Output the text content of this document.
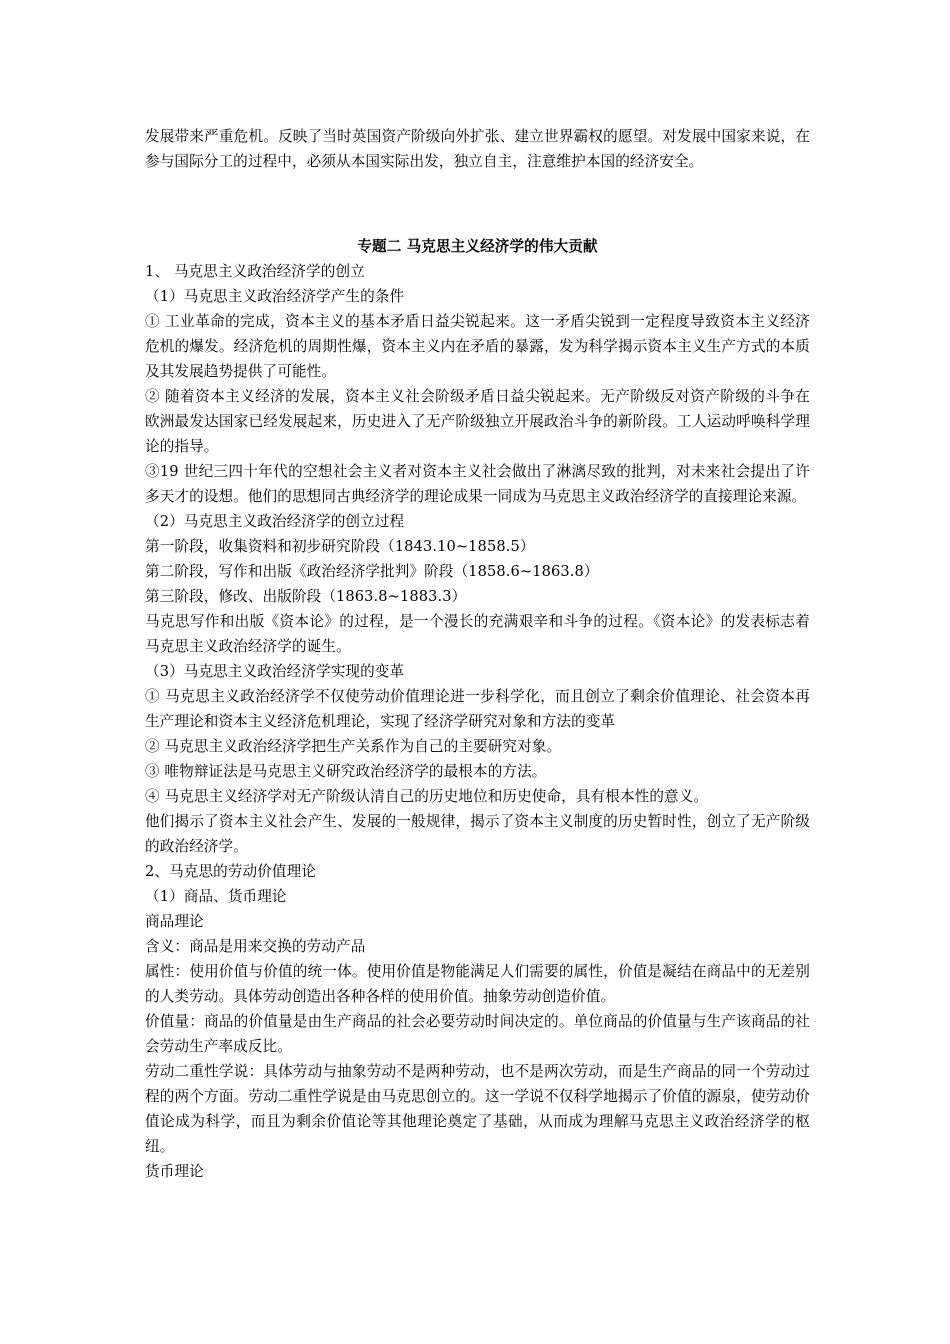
发展带来严重危机。反映了当时英国资产阶级向外扩张、建立世界霸权的愿望。对发展中国家来说，在参与国际分工的过程中，必须从本国实际出发，独立自主，注意维护本国的经济安全。

专题二 马克思主义经济学的伟大贡献

1、 马克思主义政治经济学的创立

（1）马克思主义政治经济学产生的条件

① 工业革命的完成，资本主义的基本矛盾日益尖锐起来。这一矛盾尖锐到一定程度导致资本主义经济危机的爆发。经济危机的周期性爆，资本主义内在矛盾的暴露，发为科学揭示资本主义生产方式的本质及其发展趋势提供了可能性。

② 随着资本主义经济的发展，资本主义社会阶级矛盾日益尖锐起来。无产阶级反对资产阶级的斗争在欧洲最发达国家已经发展起来，历史进入了无产阶级独立开展政治斗争的新阶段。工人运动呼唤科学理论的指导。

③19 世纪三四十年代的空想社会主义者对资本主义社会做出了淋漓尽致的批判，对未来社会提出了许多天才的设想。他们的思想同古典经济学的理论成果一同成为马克思主义政治经济学的直接理论来源。

（2）马克思主义政治经济学的创立过程

第一阶段，收集资料和初步研究阶段（1843.10~1858.5）

第二阶段，写作和出版《政治经济学批判》阶段（1858.6~1863.8）

第三阶段，修改、出版阶段（1863.8~1883.3）

马克思写作和出版《资本论》的过程，是一个漫长的充满艰辛和斗争的过程。《资本论》的发表标志着马克思主义政治经济学的诞生。

（3）马克思主义政治经济学实现的变革

① 马克思主义政治经济学不仅使劳动价值理论进一步科学化，而且创立了剩余价值理论、社会资本再生产理论和资本主义经济危机理论，实现了经济学研究对象和方法的变革

② 马克思主义政治经济学把生产关系作为自己的主要研究对象。

③ 唯物辩证法是马克思主义研究政治经济学的最根本的方法。

④ 马克思主义经济学对无产阶级认清自己的历史地位和历史使命，具有根本性的意义。

他们揭示了资本主义社会产生、发展的一般规律，揭示了资本主义制度的历史暂时性，创立了无产阶级的政治经济学。

2、马克思的劳动价值理论

（1）商品、货币理论

商品理论

含义：商品是用来交换的劳动产品

属性：使用价值与价值的统一体。使用价值是物能满足人们需要的属性，价值是凝结在商品中的无差别的人类劳动。具体劳动创造出各种各样的使用价值。抽象劳动创造价值。

价值量：商品的价值量是由生产商品的社会必要劳动时间决定的。单位商品的价值量与生产该商品的社会劳动生产率成反比。

劳动二重性学说：具体劳动与抽象劳动不是两种劳动，也不是两次劳动，而是生产商品的同一个劳动过程的两个方面。劳动二重性学说是由马克思创立的。这一学说不仅科学地揭示了价值的源泉，使劳动价值论成为科学，而且为剩余价值论等其他理论奠定了基础，从而成为理解马克思主义政治经济学的枢纽。

货币理论
